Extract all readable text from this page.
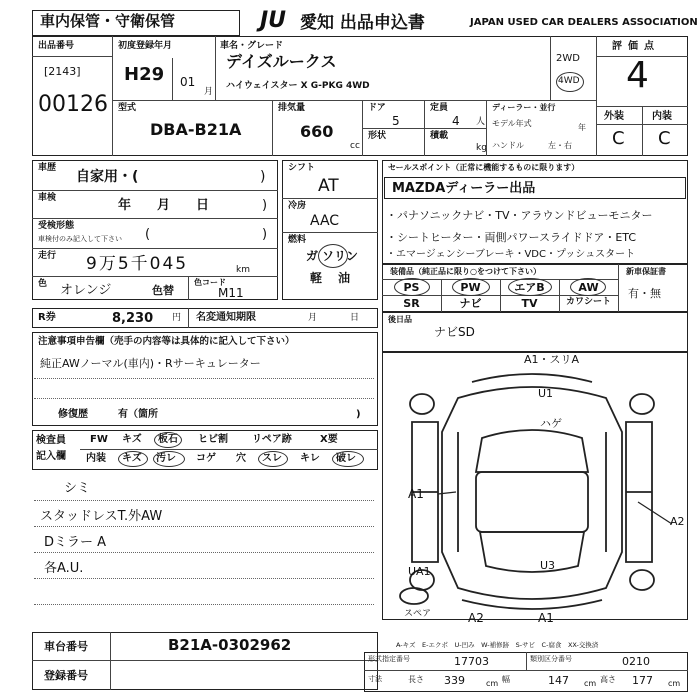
車内保管・守衛保管	JU 愛知 出品申込書	JAPAN USED CAR DEALERS ASSOCIATION
出品番号
[2143]
00126
初度登録年月
H29 01
月
車名・グレード
デイズルークス
ハイウェイスター X G-PKG 4WD
2WD
4WD
評価点
4
外装	内装
C C
型式
DBA-B21A
排気量
660
cc
ドア
5
定員
4 人
形状	積載
kg
ディーラー・並行
モデル年式	年
ハンドル	左・右
車歴
自家用・(	)
車検	年　　月　　日	)
受検形態
車検付のみ記入して下さい (	)
走行 9万5千045	km
色 オレンジ	色替
色コード
M11
シフト
AT
冷房
AAC
燃料
ガ ソリン
軽 油
セールスポイント（正常に機能するものに限ります）
MAZDAディーラー出品
・パナソニックナビ・TV・アラウンドビューモニター
・シートヒーター・両側パワースライドドア・ETC
・エマージェンシーブレーキ・VDC・プッシュスタート
装備品（純正品に限り○をつけて下さい）	新車保証書
有・無
PS	PW	エアB	AW
SR	ナビ	TV	カワシート
R券	8,230 円 名変通知期限	月	日	後日品
ナビSD
注意事項申告欄（売手の内容等は具体的に記入して下さい）
純正AWノーマル(車内)・Rサーキュレーター
修復歴	有（箇所	)
検査員
記入欄
FW キズ 板石 ヒビ割 リペア跡	X要
内装 キズ 汚レ コゲ 穴 スレ キレ 破レ
シミ
スタッドレスT.外AW
Dミラー A
各A.U.
A1・スリA
U1
ハゲ
A1
A2
UA1	U3
スペア	A2	A1
A-キズ　E-エクボ　U-凹み　W-補修跡　S-サビ　C-腐食　XX-交換済
車台番号	B21A-0302962
登録番号
形式指定番号	17703	類別区分番号	0210
寸法	長さ 339	cm 幅	147 cm 高さ 177 cm
